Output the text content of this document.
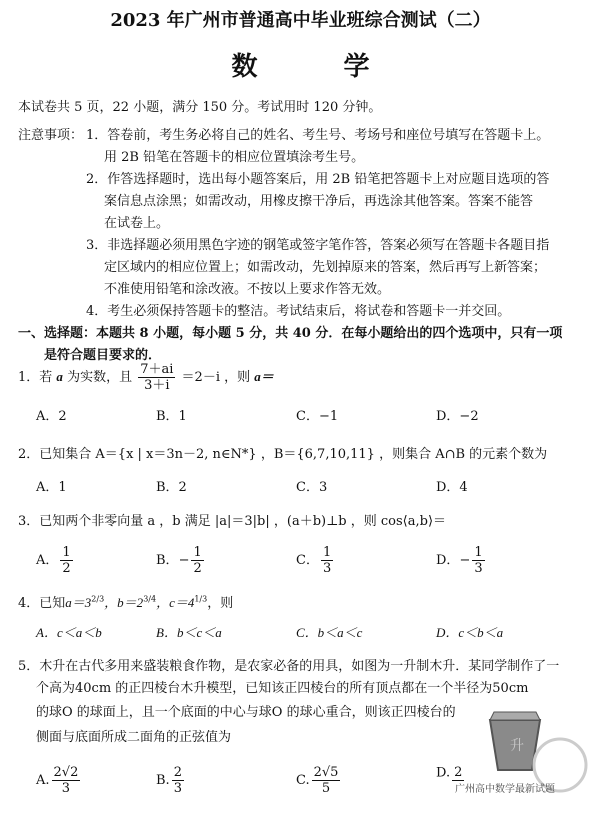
2023 年广州市普通高中毕业班综合测试（二）
数　学
本试卷共 5 页，22 小题，满分 150 分。考试用时 120 分钟。
注意事项： 1．答卷前，考生务必将自己的姓名、考生号、考场号和座位号填写在答题卡上。
用 2B 铅笔在答题卡的相应位置填涂考生号。
2．作答选择题时，选出每小题答案后，用 2B 铅笔把答题卡上对应题目选项的答
案信息点涂黑；如需改动，用橡皮擦干净后，再选涂其他答案。答案不能答
在试卷上。
3．非选择题必须用黑色字迹的钢笔或签字笔作答，答案必须写在答题卡各题目指
定区域内的相应位置上；如需改动，先划掉原来的答案，然后再写上新答案；
不准使用铅笔和涂改液。不按以上要求作答无效。
4．考生必须保持答题卡的整洁。考试结束后，将试卷和答题卡一并交回。
一、选择题：本题共 8 小题，每小题 5 分，共 40 分．在每小题给出的四个选项中，只有一项
是符合题目要求的．
1．若 a 为实数，且 $\frac{7+ai}{3+i} =2-i$ ，则 a＝
A．2	B．1	C．−1	D．−2
2．已知集合 A＝{x | x＝3n－2, n∈N*} ，B＝{6,7,10,11} ，则集合 A∩B 的元素个数为
A．1	B．2	C．3	D．4
3．已知两个非零向量 a ，b 满足 |a|＝3|b| ，(a＋b)⊥b ，则 cos⟨a,b⟩＝
A． $\frac{1}{2}$	B．− $\frac{1}{2}$	C． $\frac{1}{3}$	D．− $\frac{1}{3}$
4．已知$a=3^{2/3}$，$b=2^{3/4}$，$c=4^{1/3}$，则
A．c＜a＜b	B．b＜c＜a	C．b＜a＜c	D．c＜b＜a
5．木升在古代多用来盛装粮食作物，是农家必备的用具，如图为一升制木升．某同学制作了一
个高为40cm 的正四棱台木升模型，已知该正四棱台的所有顶点都在一个半径为50cm
的球O 的球面上，且一个底面的中心与球O 的球心重合，则该正四棱台的
侧面与底面所成二面角的正弦值为
A. $\frac{2√2}{3}$	B. $\frac{2}{3}$	C. $\frac{2√5}{5}$	D. 2
升
广州高中数学最新试题
